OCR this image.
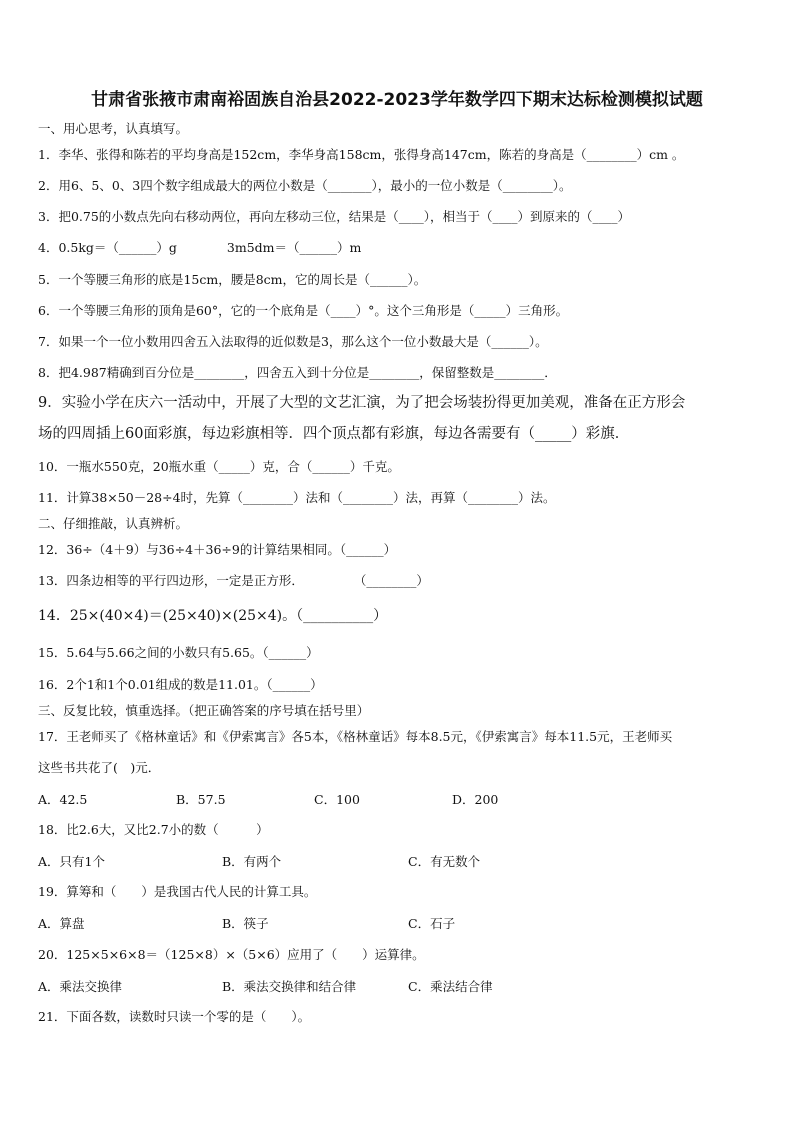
甘肃省张掖市肃南裕固族自治县2022-2023学年数学四下期末达标检测模拟试题
一、用心思考，认真填写。
1．李华、张得和陈若的平均身高是152cm，李华身高158cm，张得身高147cm，陈若的身高是（________）cm 。
2．用6、5、0、3四个数字组成最大的两位小数是（_______），最小的一位小数是（________）。
3．把0.75的小数点先向右移动两位，再向左移动三位，结果是（____），相当于（____）到原来的（____）
4．0.5kg＝（______）g　　　　3m5dm＝（______）m
5．一个等腰三角形的底是15cm，腰是8cm，它的周长是（______）。
6．一个等腰三角形的顶角是60°，它的一个底角是（____）°。这个三角形是（_____）三角形。
7．如果一个一位小数用四舍五入法取得的近似数是3，那么这个一位小数最大是（______）。
8．把4.987精确到百分位是________，四舍五入到十分位是________，保留整数是________．
9．实验小学在庆六一活动中，开展了大型的文艺汇演，为了把会场装扮得更加美观，准备在正方形会
场的四周插上60面彩旗，每边彩旗相等．四个顶点都有彩旗，每边各需要有（_____）彩旗．
10．一瓶水550克，20瓶水重（_____）克，合（______）千克。
11．计算38×50－28÷4时，先算（________）法和（________）法，再算（________）法。
二、仔细推敲，认真辨析。
12．36÷（4＋9）与36÷4＋36÷9的计算结果相同。（______）
13．四条边相等的平行四边形，一定是正方形．　　　　　（________）
14．25×(40×4)＝(25×40)×(25×4)。（__________）
15．5.64与5.66之间的小数只有5.65。（______）
16．2个1和1个0.01组成的数是11.01。（______）
三、反复比较，慎重选择。（把正确答案的序号填在括号里）
17．王老师买了《格林童话》和《伊索寓言》各5本，《格林童话》每本8.5元，《伊索寓言》每本11.5元，王老师买
这些书共花了(　)元．
A．42.5	B．57.5	C．100	D．200
18．比2.6大，又比2.7小的数（　　　）
A．只有1个	B．有两个	C．有无数个
19．算筹和（　　）是我国古代人民的计算工具。
A．算盘	B．筷子	C．石子
20．125×5×6×8＝（125×8）×（5×6）应用了（　　）运算律。
A．乘法交换律	B．乘法交换律和结合律	C．乘法结合律
21．下面各数，读数时只读一个零的是（　　）。
